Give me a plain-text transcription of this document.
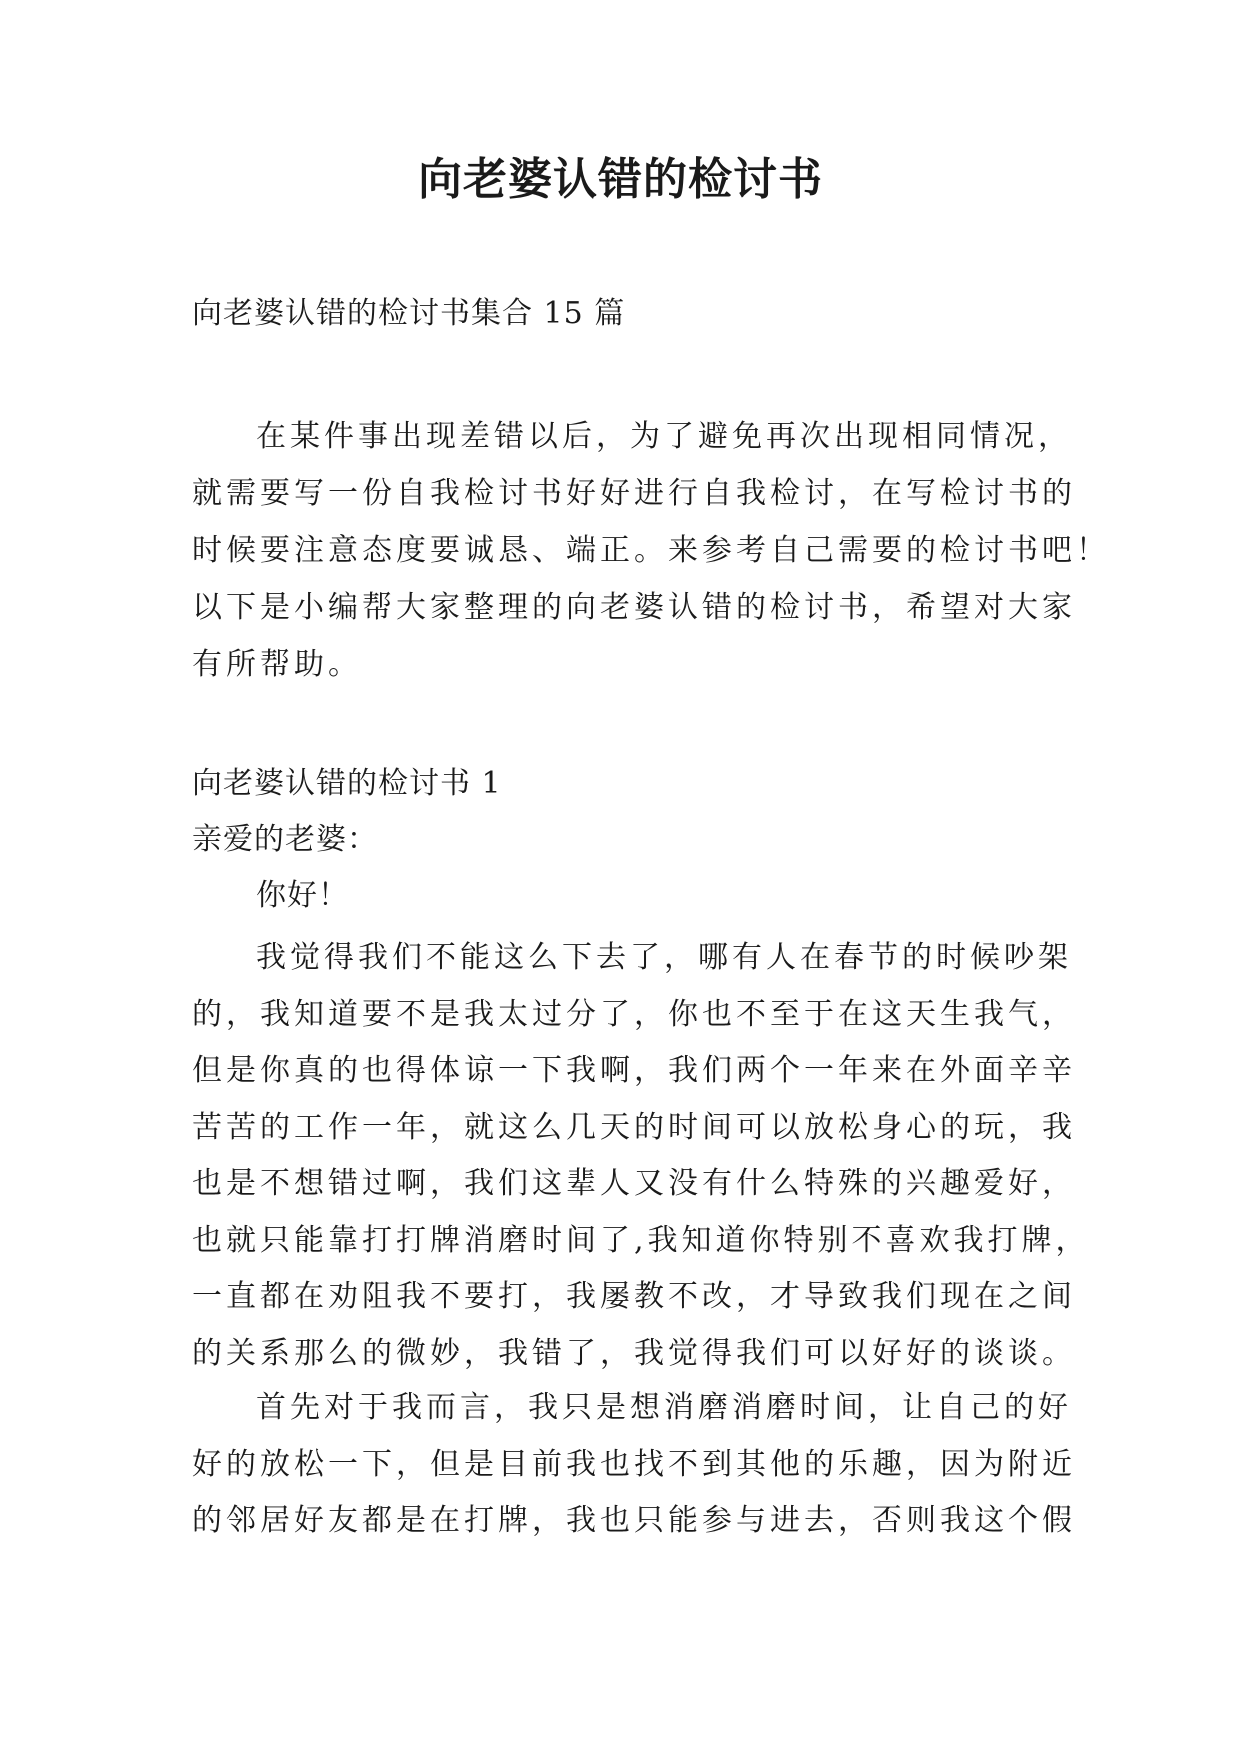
向老婆认错的检讨书
向老婆认错的检讨书集合 15 篇
在某件事出现差错以后，为了避免再次出现相同情况，
就需要写一份自我检讨书好好进行自我检讨，在写检讨书的
时候要注意态度要诚恳、端正。来参考自己需要的检讨书吧！
以下是小编帮大家整理的向老婆认错的检讨书，希望对大家
有所帮助。
向老婆认错的检讨书 1
亲爱的老婆：
你好！
我觉得我们不能这么下去了，哪有人在春节的时候吵架
的，我知道要不是我太过分了，你也不至于在这天生我气，
但是你真的也得体谅一下我啊，我们两个一年来在外面辛辛
苦苦的工作一年，就这么几天的时间可以放松身心的玩，我
也是不想错过啊，我们这辈人又没有什么特殊的兴趣爱好，
也就只能靠打打牌消磨时间了,我知道你特别不喜欢我打牌，
一直都在劝阻我不要打，我屡教不改，才导致我们现在之间
的关系那么的微妙，我错了，我觉得我们可以好好的谈谈。
首先对于我而言，我只是想消磨消磨时间，让自己的好
好的放松一下，但是目前我也找不到其他的乐趣，因为附近
的邻居好友都是在打牌，我也只能参与进去，否则我这个假
